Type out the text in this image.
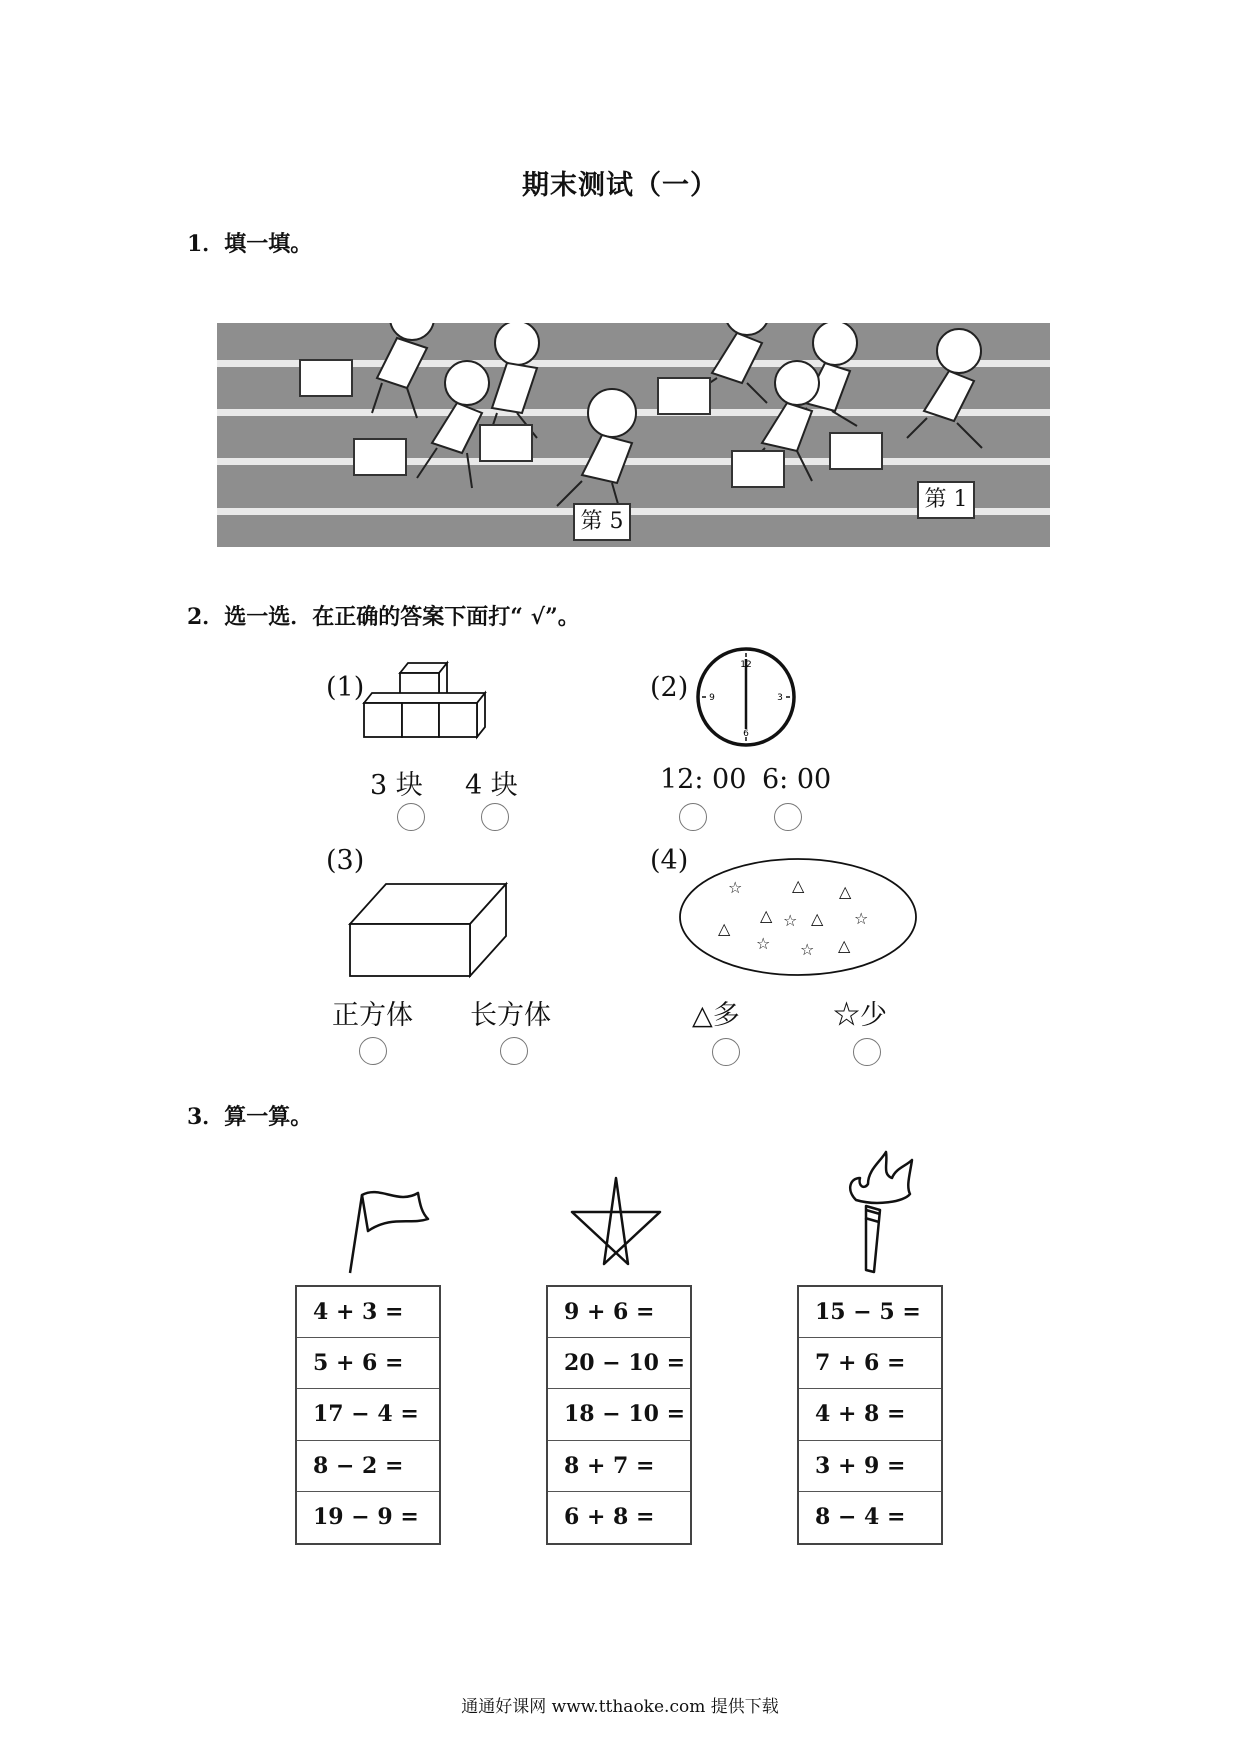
期末测试（一）
1．填一填。
第 5
第 1
2．选一选．在正确的答案下面打“ √”。
(1)
3 块 4 块
(2)
12
3
6
9
12: 00 6: 00
(3)
正方体 长方体
(4)
☆	△ △
△ ☆ △ ☆
△
☆ ☆ △
△多	☆少
3．算一算。
4 + 3 =
5 + 6 =
17 − 4 =
8 − 2 =
19 − 9 =
9 + 6 =
20 − 10 =
18 − 10 =
8 + 7 =
6 + 8 =
15 − 5 =
7 + 6 =
4 + 8 =
3 + 9 =
8 − 4 =
通通好课网 www.tthaoke.com 提供下载
